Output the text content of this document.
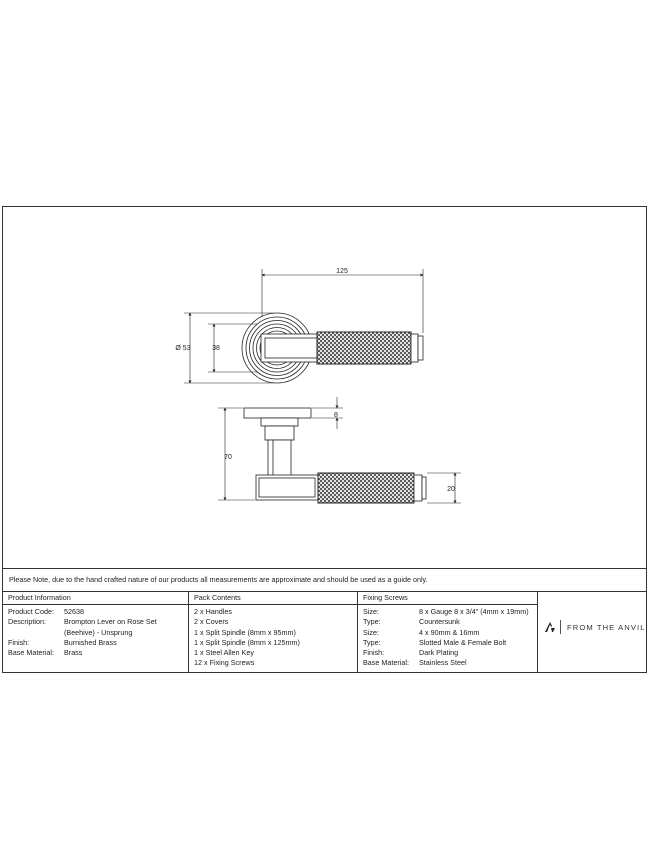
125
Ø 53	38
8
70
20
Please Note, due to the hand crafted nature of our products all measurements are approximate and should be used as a guide only.
Product Information
Product Code:	52638
Description:	Brompton Lever on Rose Set
(Beehive) - Unsprung
Finish:	Burnished Brass
Base Material:	Brass
Pack Contents
2 x Handles
2 x Covers
1 x Split Spindle (8mm x 95mm)
1 x Split Spindle (8mm x 125mm)
1 x Steel Allen Key
12 x Fixing Screws
Fixing Screws
Size:	8 x Gauge 8 x 3/4" (4mm x 19mm)
Type:	Countersunk
Size:	4 x 90mm & 16mm
Type:	Slotted Male & Female Bolt
Finish:	Dark Plating
Base Material:	Stainless Steel
FROM THE ANVIL
